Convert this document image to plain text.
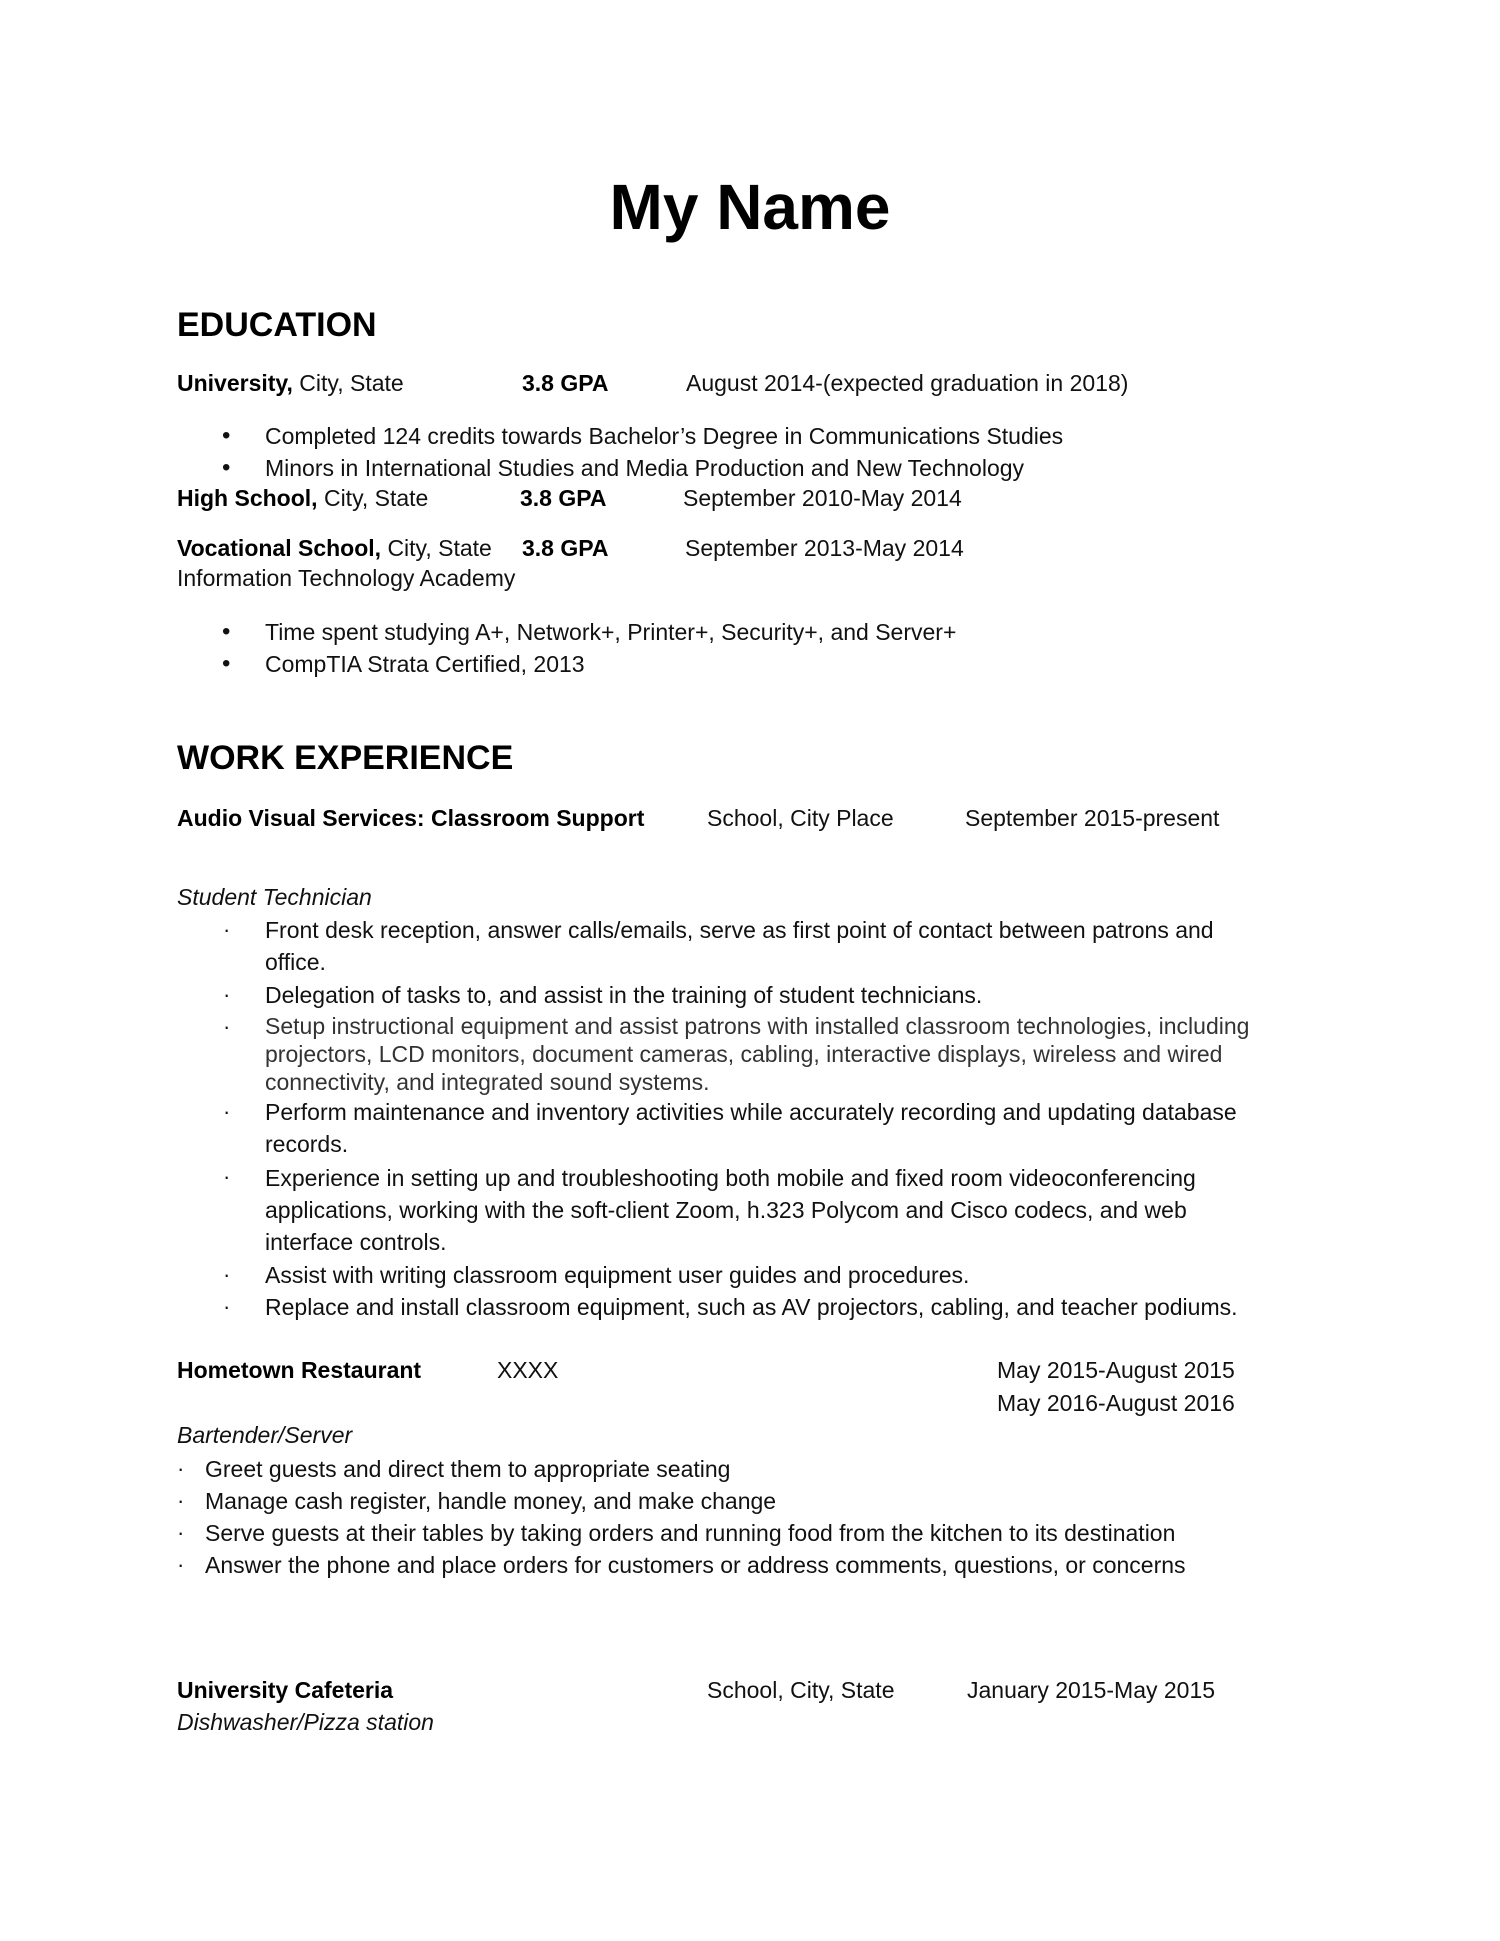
My Name
EDUCATION
University, City, State	3.8 GPA	August 2014-(expected graduation in 2018)
• Completed 124 credits towards Bachelor’s Degree in Communications Studies
• Minors in International Studies and Media Production and New Technology
High School, City, State	3.8 GPA	September 2010-May 2014
Vocational School, City, State 3.8 GPA	September 2013-May 2014
Information Technology Academy
• Time spent studying A+, Network+, Printer+, Security+, and Server+
• CompTIA Strata Certified, 2013
WORK EXPERIENCE
Audio Visual Services: Classroom Support	School, City Place	September 2015-present
Student Technician
· Front desk reception, answer calls/emails, serve as first point of contact between patrons and
office.
· Delegation of tasks to, and assist in the training of student technicians.
· Setup instructional equipment and assist patrons with installed classroom technologies, including
projectors, LCD monitors, document cameras, cabling, interactive displays, wireless and wired
connectivity, and integrated sound systems.
· Perform maintenance and inventory activities while accurately recording and updating database
records.
· Experience in setting up and troubleshooting both mobile and fixed room videoconferencing
applications, working with the soft-client Zoom, h.323 Polycom and Cisco codecs, and web
interface controls.
· Assist with writing classroom equipment user guides and procedures.
· Replace and install classroom equipment, such as AV projectors, cabling, and teacher podiums.
Hometown Restaurant	XXXX	May 2015-August 2015
May 2016-August 2016
Bartender/Server
· Greet guests and direct them to appropriate seating
· Manage cash register, handle money, and make change
· Serve guests at their tables by taking orders and running food from the kitchen to its destination
· Answer the phone and place orders for customers or address comments, questions, or concerns
University Cafeteria	School, City, State	January 2015-May 2015
Dishwasher/Pizza station
